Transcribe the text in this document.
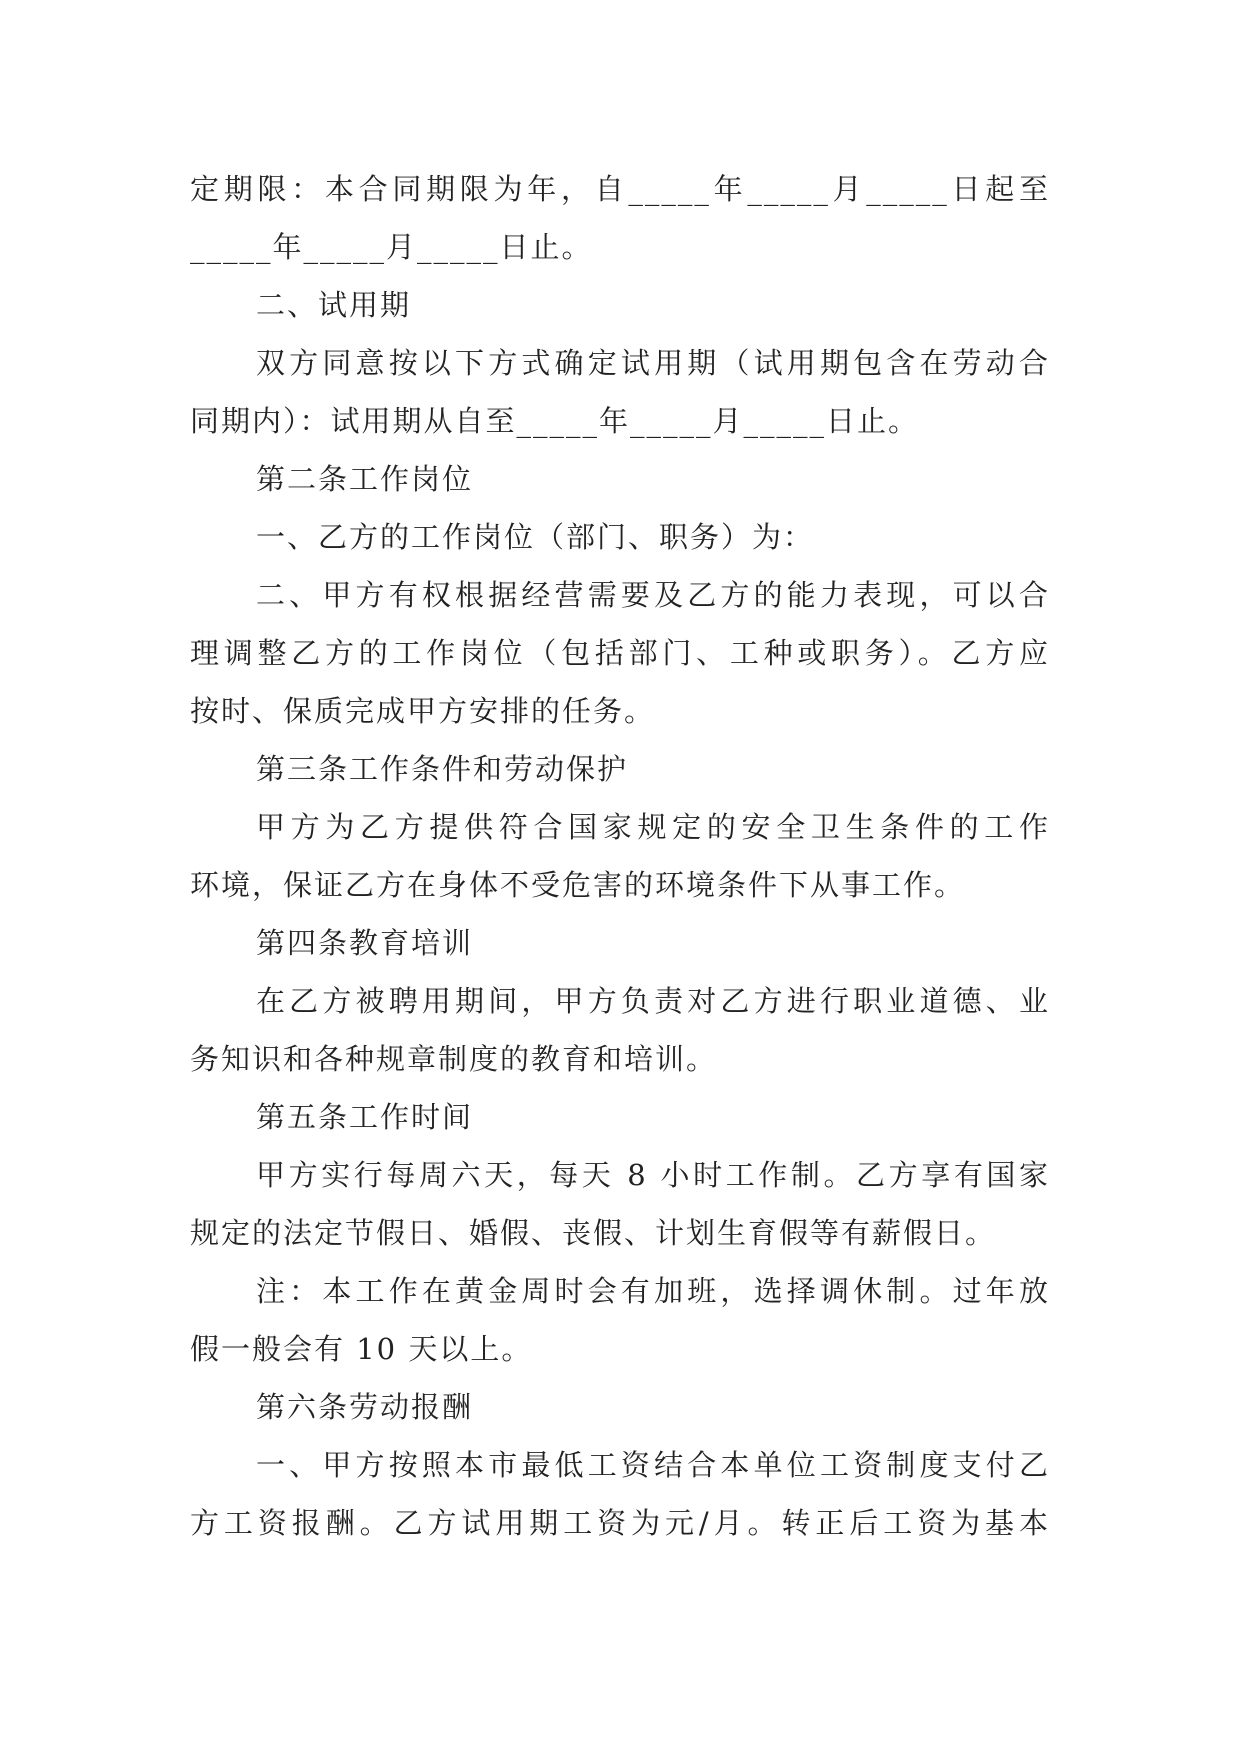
定期限：本合同期限为年，自_____年_____月_____日起至
_____年_____月_____日止。
二、试用期
双方同意按以下方式确定试用期（试用期包含在劳动合
同期内）：试用期从自至_____年_____月_____日止。
第二条工作岗位
一、乙方的工作岗位（部门、职务）为：
二、甲方有权根据经营需要及乙方的能力表现，可以合
理调整乙方的工作岗位（包括部门、工种或职务）。乙方应
按时、保质完成甲方安排的任务。
第三条工作条件和劳动保护
甲方为乙方提供符合国家规定的安全卫生条件的工作
环境，保证乙方在身体不受危害的环境条件下从事工作。
第四条教育培训
在乙方被聘用期间，甲方负责对乙方进行职业道德、业
务知识和各种规章制度的教育和培训。
第五条工作时间
甲方实行每周六天，每天 8 小时工作制。乙方享有国家
规定的法定节假日、婚假、丧假、计划生育假等有薪假日。
注：本工作在黄金周时会有加班，选择调休制。过年放
假一般会有 10 天以上。
第六条劳动报酬
一、甲方按照本市最低工资结合本单位工资制度支付乙
方工资报酬。乙方试用期工资为元/月。转正后工资为基本
